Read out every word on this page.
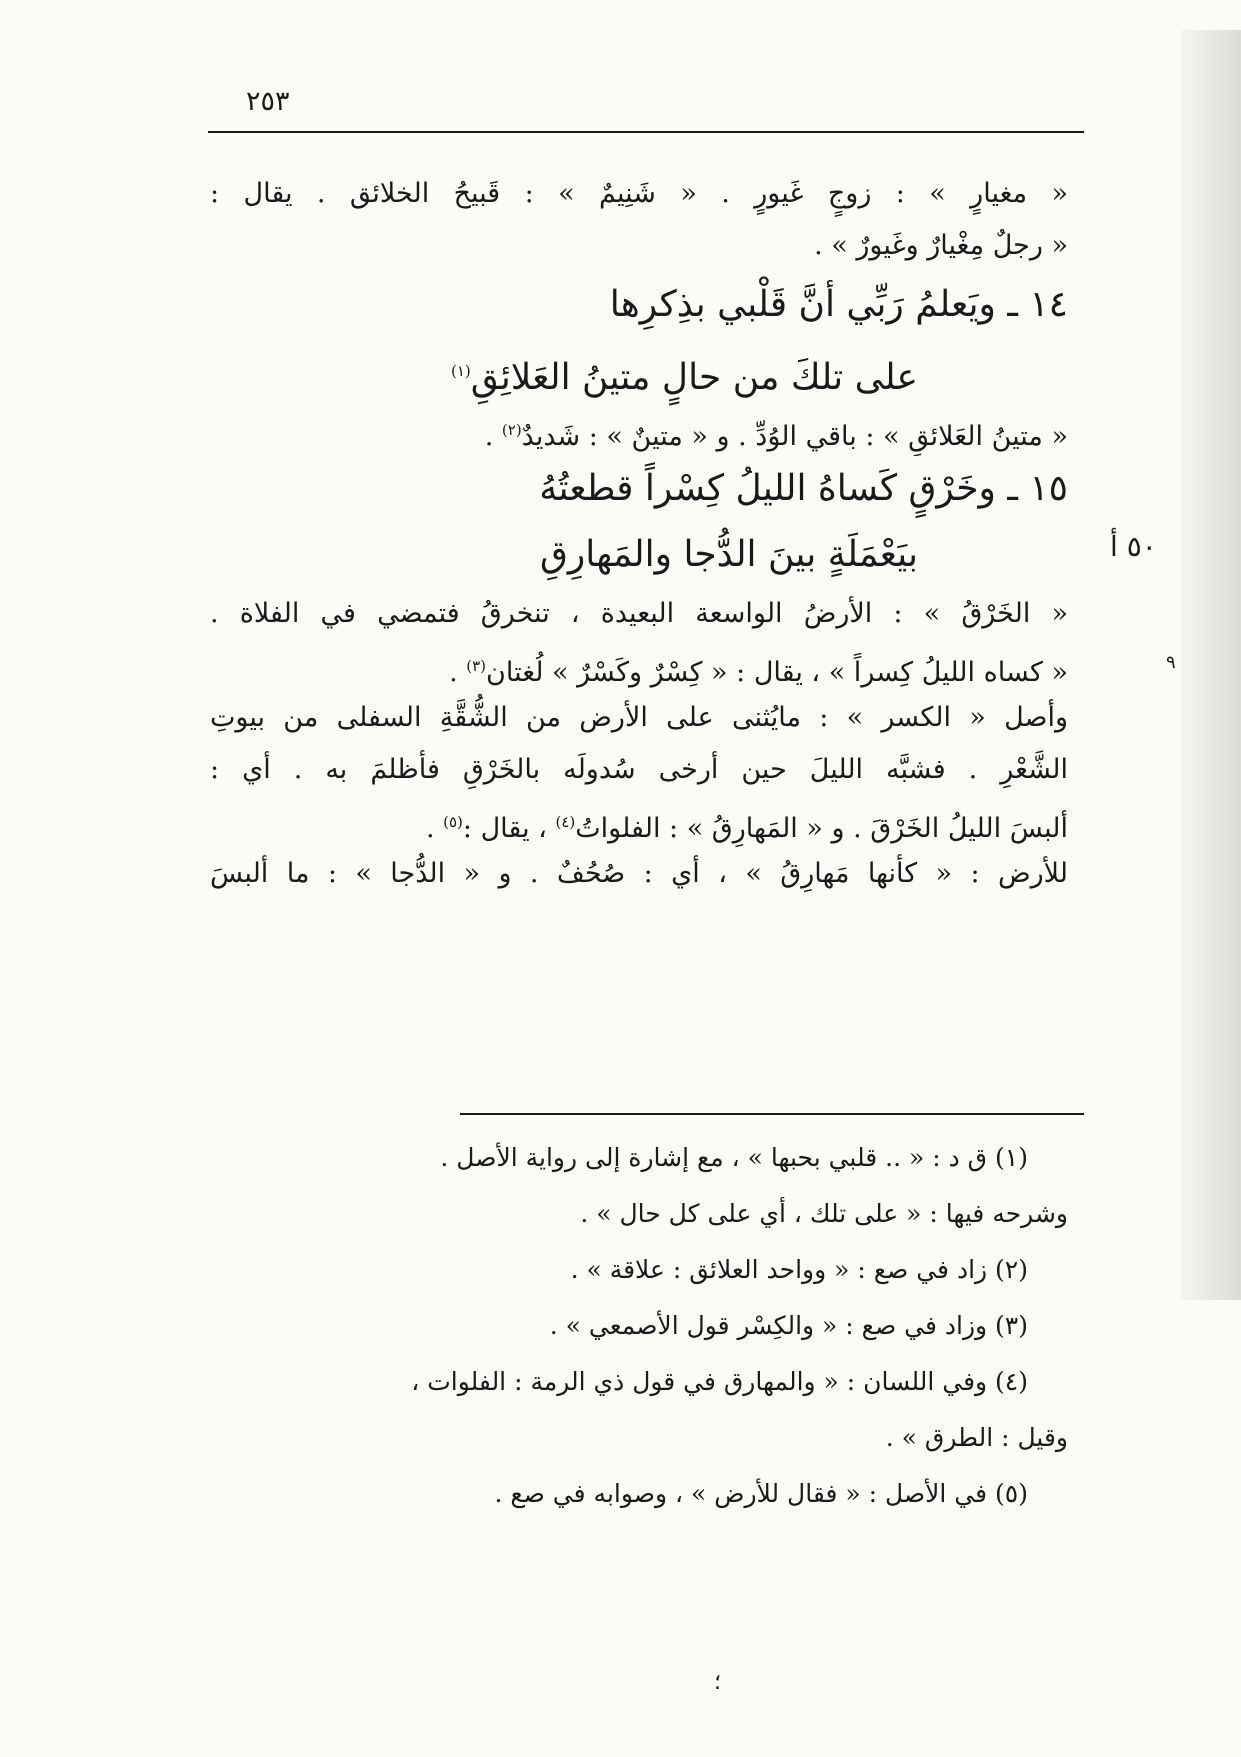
٢٥٣
« مغيارٍ » : زوجٍ غَيورٍ . « شَنِيمٌ » : قَبيحُ الخلائق . يقال :
« رجلٌ مِغْيارٌ وغَيورٌ » .
١٤ ـ ويَعلمُ رَبِّي أنَّ قَلْبي بذِكرِها
على تلكَ من حالٍ متينُ العَلائِقِ$^{(١)}$
« متينُ العَلائقِ » : باقي الوُدِّ . و « متينٌ » : شَديدٌ$^{(٢)}$ .
١٥ ـ وخَرْقٍ كَساهُ الليلُ كِسْراً قطعتُهُ
بيَعْمَلَةٍ بينَ الدُّجا والمَهارِقِ
« الخَرْقُ » : الأرضُ الواسعة البعيدة ، تنخرقُ فتمضي في الفلاة .
« كساه الليلُ كِسراً » ، يقال : « كِسْرٌ وكَسْرٌ » لُغتان$^{(٣)}$ .
وأصل « الكسر » : مايُثنى على الأرض من الشُّقَّةِ السفلى من بيوتِ
الشَّعْرِ . فشبَّه الليلَ حين أرخى سُدولَه بالخَرْقِ فأظلمَ به . أي :
ألبسَ الليلُ الخَرْقَ . و « المَهارِقُ » : الفلواتُ$^{(٤)}$ ، يقال :$^{(٥)}$ .
للأرض : « كأنها مَهارِقُ » ، أي : صُحُفٌ . و « الدُّجا » : ما ألبسَ
٥٠ أ
٩
(١) ق د : « .. قلبي بحبها » ، مع إشارة إلى رواية الأصل .
وشرحه فيها : « على تلك ، أي على كل حال » .
(٢) زاد في صع : « وواحد العلائق : علاقة » .
(٣) وزاد في صع : « والكِسْر قول الأصمعي » .
(٤) وفي اللسان : « والمهارق في قول ذي الرمة : الفلوات ،
وقيل : الطرق » .
(٥) في الأصل : « فقال للأرض » ، وصوابه في صع .
؛
